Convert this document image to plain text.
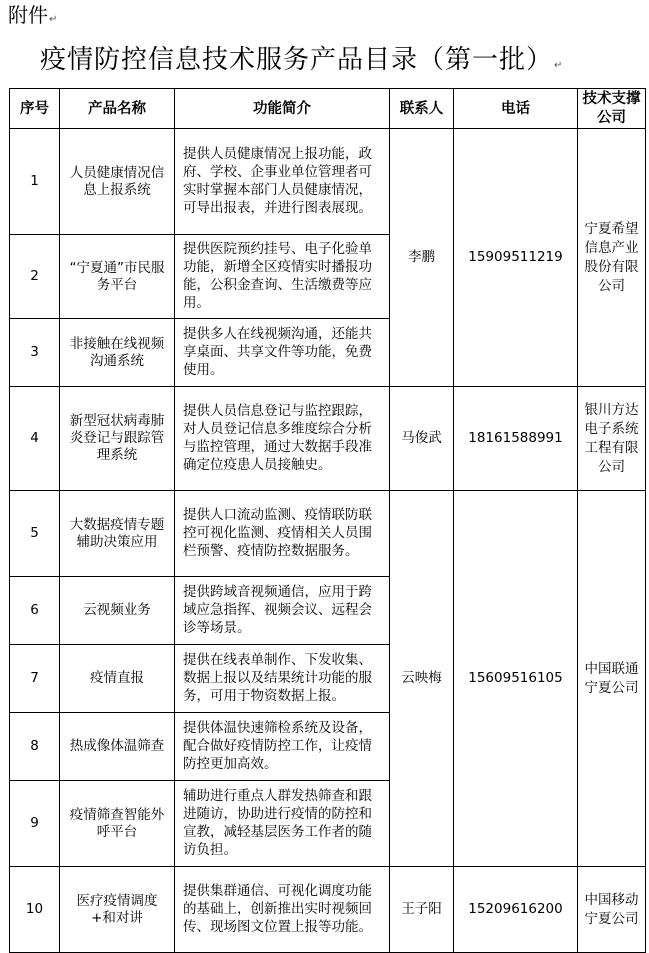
附件↵
疫情防控信息技术服务产品目录（第一批）↵
序号	产品名称	功能简介	联系人	电话	技术支撑公司
1	人员健康情况信息上报系统	提供人员健康情况上报功能，政府、学校、企事业单位管理者可实时掌握本部门人员健康情况，可导出报表，并进行图表展现。	李鹏	15909511219	宁夏希望信息产业股份有限公司
2	“宁夏通”市民服务平台	提供医院预约挂号、电子化验单功能，新增全区疫情实时播报功能，公积金查询、生活缴费等应用。			
3	非接触在线视频沟通系统	提供多人在线视频沟通，还能共享桌面、共享文件等功能，免费使用。			
4	新型冠状病毒肺炎登记与跟踪管理系统	提供人员信息登记与监控跟踪，对人员登记信息多维度综合分析与监控管理，通过大数据手段准确定位疫患人员接触史。	马俊武	18161588991	银川方达电子系统工程有限公司
5	大数据疫情专题辅助决策应用	提供人口流动监测、疫情联防联控可视化监测、疫情相关人员围栏预警、疫情防控数据服务。	云映梅	15609516105	中国联通宁夏公司
6	云视频业务	提供跨域音视频通信，应用于跨域应急指挥、视频会议、远程会诊等场景。			
7	疫情直报	提供在线表单制作、下发收集、数据上报以及结果统计功能的服务，可用于物资数据上报。			
8	热成像体温筛查	提供体温快速筛检系统及设备，配合做好疫情防控工作，让疫情防控更加高效。			
9	疫情筛查智能外呼平台	辅助进行重点人群发热筛查和跟进随访，协助进行疫情的防控和宣教，减轻基层医务工作者的随访负担。			
10	医疗疫情调度+和对讲	提供集群通信、可视化调度功能的基础上，创新推出实时视频回传、现场图文位置上报等功能。	王子阳	15209616200	中国移动宁夏公司
